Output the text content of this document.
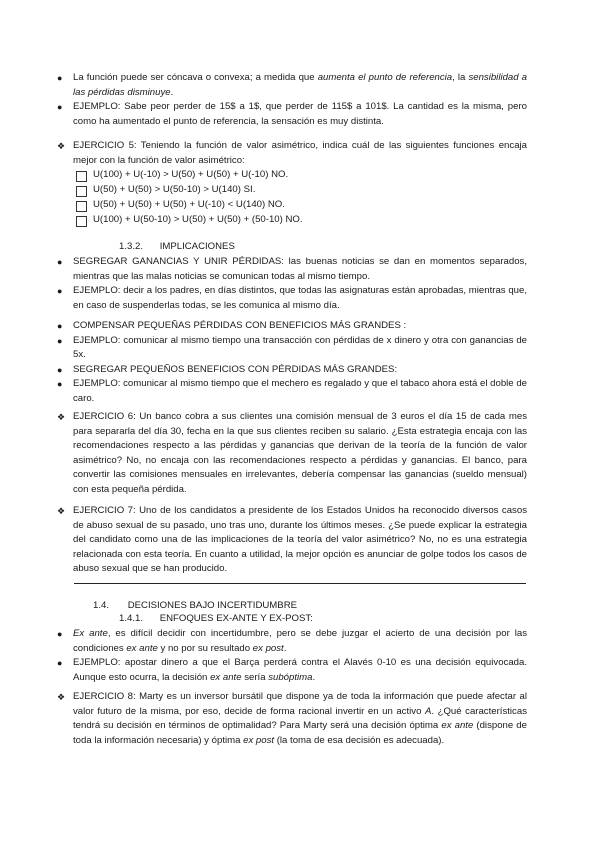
●	La función puede ser cóncava o convexa; a medida que aumenta el punto de referencia, la sensibilidad a las pérdidas disminuye.
●	EJEMPLO: Sabe peor perder de 15$ a 1$, que perder de 115$ a 101$. La cantidad es la misma, pero como ha aumentado el punto de referencia, la sensación es muy distinta.
❖ EJERCICIO 5: Teniendo la función de valor asimétrico, indica cuál de las siguientes funciones encaja mejor con la función de valor asimétrico:
U(100) + U(-10) > U(50) + U(50) + U(-10) NO.
U(50) + U(50) > U(50-10) > U(140) SI.
U(50) + U(50) + U(50) + U(-10) < U(140) NO.
U(100) + U(50-10) > U(50) + U(50) + (50-10) NO.
1.3.2. IMPLICACIONES
●	SEGREGAR GANANCIAS Y UNIR PÉRDIDAS: las buenas noticias se dan en momentos separados, mientras que las malas noticias se comunican todas al mismo tiempo.
●	EJEMPLO: decir a los padres, en días distintos, que todas las asignaturas están aprobadas, mientras que, en caso de suspenderlas todas, se les comunica al mismo día.
●	COMPENSAR PEQUEÑAS PÉRDIDAS CON BENEFICIOS MÁS GRANDES :
●	EJEMPLO: comunicar al mismo tiempo una transacción con pérdidas de x dinero y otra con ganancias de 5x.
●	SEGREGAR PEQUEÑOS BENEFICIOS CON PÉRDIDAS MÁS GRANDES:
●	EJEMPLO: comunicar al mismo tiempo que el mechero es regalado y que el tabaco ahora está el doble de caro.
❖ EJERCICIO 6: Un banco cobra a sus clientes una comisión mensual de 3 euros el día 15 de cada mes para separarla del día 30, fecha en la que sus clientes reciben su salario. ¿Esta estrategia encaja con las recomendaciones respecto a las pérdidas y ganancias que derivan de la teoría de la función de valor asimétrico? No, no encaja con las recomendaciones respecto a pérdidas y ganancias. El banco, para convertir las comisiones mensuales en irrelevantes, debería compensar las ganancias (sueldo mensual) con esta pequeña pérdida.
❖ EJERCICIO 7: Uno de los candidatos a presidente de los Estados Unidos ha reconocido diversos casos de abuso sexual de su pasado, uno tras uno, durante los últimos meses. ¿Se puede explicar la estrategia del candidato como una de las implicaciones de la teoría del valor asimétrico? No, no es una estrategia relacionada con esta teoría. En cuanto a utilidad, la mejor opción es anunciar de golpe todos los casos de abuso sexual que se han producido.
1.4. DECISIONES BAJO INCERTIDUMBRE
1.4.1. ENFOQUES EX-ANTE Y EX-POST:
●	Ex ante, es difícil decidir con incertidumbre, pero se debe juzgar el acierto de una decisión por las condiciones ex ante y no por su resultado ex post.
●	EJEMPLO: apostar dinero a que el Barça perderá contra el Alavés 0-10 es una decisión equivocada. Aunque esto ocurra, la decisión ex ante sería subóptima.
❖ EJERCICIO 8: Marty es un inversor bursátil que dispone ya de toda la información que puede afectar al valor futuro de la misma, por eso, decide de forma racional invertir en un activo A. ¿Qué características tendrá su decisión en términos de optimalidad? Para Marty será una decisión óptima ex ante (dispone de toda la información necesaria) y óptima ex post (la toma de esa decisión es adecuada).
